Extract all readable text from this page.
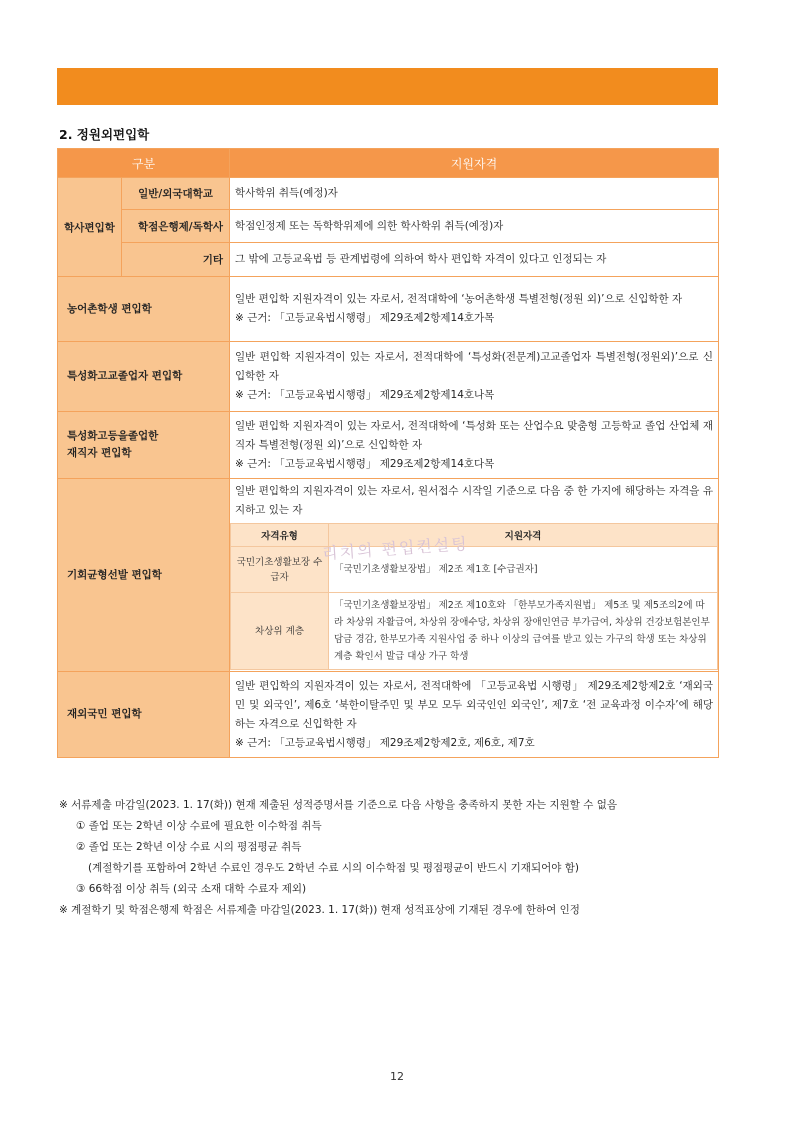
2. 정원외편입학
구분	지원자격
학사편입학	일반/외국대학교	학사학위 취득(예정)자
학점은행제/독학사	학점인정제 또는 독학학위제에 의한 학사학위 취득(예정)자
기타	그 밖에 고등교육법 등 관계법령에 의하여 학사 편입학 자격이 있다고 인정되는 자
농어촌학생 편입학	
일반 편입학 지원자격이 있는 자로서, 전적대학에 ‘농어촌학생 특별전형(정원 외)’으로 신입학한 자
※ 근거: 「고등교육법시행령」 제29조제2항제14호가목

특성화고교졸업자 편입학	
일반 편입학 지원자격이 있는 자로서, 전적대학에 ‘특성화(전문계)고교졸업자 특별전형(정원외)’으로 신입학한 자
※ 근거: 「고등교육법시행령」 제29조제2항제14호나목

특성화고등을졸업한
재직자 편입학

일반 편입학 지원자격이 있는 자로서, 전적대학에 ‘특성화 또는 산업수요 맞춤형 고등학교 졸업 산업체 재직자 특별전형(정원 외)’으로 신입학한 자
※ 근거: 「고등교육법시행령」 제29조제2항제14호다목

기회균형선발 편입학	
일반 편입학의 지원자격이 있는 자로서, 원서접수 시작일 기준으로 다음 중 한 가지에 해당하는 자격을 유지하고 있는 자
자격유형	지원자격
국민기초생활보장 수급자	「국민기초생활보장법」 제2조 제1호 [수급권자]
차상위 계층	「국민기초생활보장법」 제2조 제10호와 「한부모가족지원법」 제5조 및 제5조의2에 따라 차상위 자활급여, 차상위 장애수당, 차상위 장애인연금 부가급여, 차상위 건강보험본인부담금 경감, 한부모가족 지원사업 중 하나 이상의 급여를 받고 있는 가구의 학생 또는 차상위계층 확인서 발급 대상 가구 학생

재외국민 편입학	
일반 편입학의 지원자격이 있는 자로서, 전적대학에 「고등교육법 시행령」 제29조제2항제2호 ‘재외국민 및 외국인’, 제6호 ‘북한이탈주민 및 부모 모두 외국인인 외국인’, 제7호 ‘전 교육과정 이수자’에 해당하는 자격으로 신입학한 자
※ 근거: 「고등교육법시행령」 제29조제2항제2호, 제6호, 제7호
리치의 편입컨설팅
※ 서류제출 마감일(2023. 1. 17(화)) 현재 제출된 성적증명서를 기준으로 다음 사항을 충족하지 못한 자는 지원할 수 없음
① 졸업 또는 2학년 이상 수료에 필요한 이수학점 취득
② 졸업 또는 2학년 이상 수료 시의 평점평균 취득
(계절학기를 포함하여 2학년 수료인 경우도 2학년 수료 시의 이수학점 및 평점평균이 반드시 기재되어야 함)
③ 66학점 이상 취득 (외국 소재 대학 수료자 제외)
※ 계절학기 및 학점은행제 학점은 서류제출 마감일(2023. 1. 17(화)) 현재 성적표상에 기재된 경우에 한하여 인정
12
